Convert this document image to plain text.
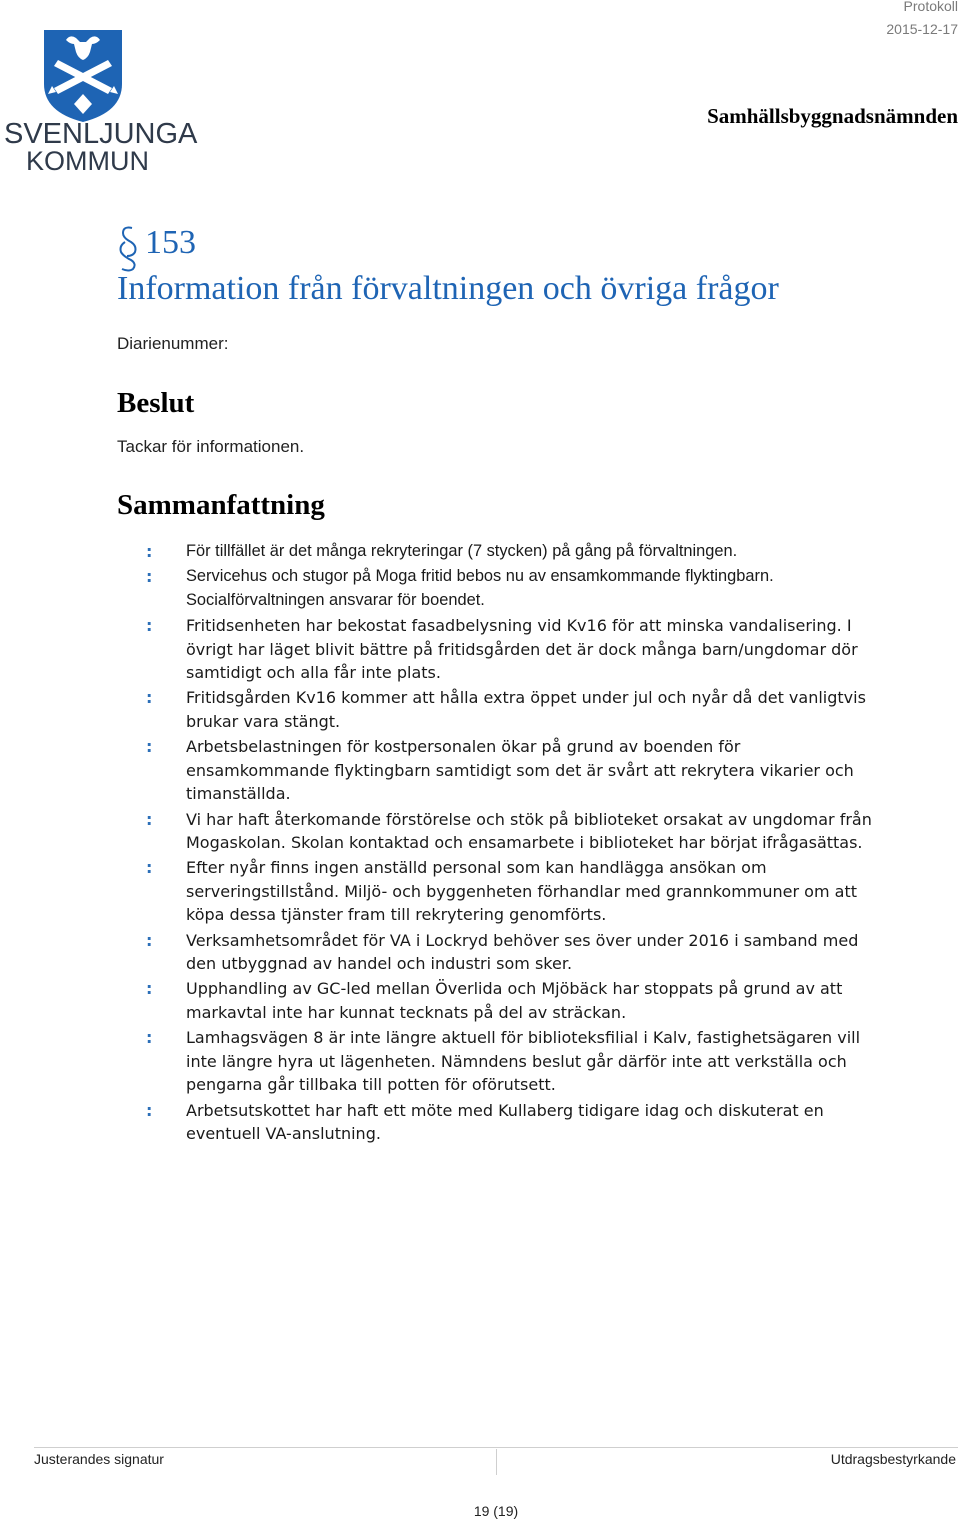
Protokoll
2015-12-17
Samhällsbyggnadsnämnden
SVENLJUNGA
KOMMUN
153
Information från förvaltningen och övriga frågor
Diarienummer:
Beslut
Tackar för informationen.
Sammanfattning
:	För tillfället är det många rekryteringar (7 stycken) på gång på förvaltningen.
:	Servicehus och stugor på Moga fritid bebos nu av ensamkommande flyktingbarn. Socialförvaltningen ansvarar för boendet.
:	Fritidsenheten har bekostat fasadbelysning vid Kv16 för att minska vandalisering. I övrigt har läget blivit bättre på fritidsgården det är dock många barn/ungdomar dör samtidigt och alla får inte plats.
:	Fritidsgården Kv16 kommer att hålla extra öppet under jul och nyår då det vanligtvis brukar vara stängt.
:	Arbetsbelastningen för kostpersonalen ökar på grund av boenden för ensamkommande flyktingbarn samtidigt som det är svårt att rekrytera vikarier och timanställda.
:	Vi har haft återkomande förstörelse och stök på biblioteket orsakat av ungdomar från Mogaskolan. Skolan kontaktad och ensamarbete i biblioteket har börjat ifrågasättas.
:	Efter nyår finns ingen anställd personal som kan handlägga ansökan om serveringstillstånd. Miljö- och byggenheten förhandlar med grannkommuner om att köpa dessa tjänster fram till rekrytering genomförts.
:	Verksamhetsområdet för VA i Lockryd behöver ses över under 2016 i samband med den utbyggnad av handel och industri som sker.
:	Upphandling av GC-led mellan Överlida och Mjöbäck har stoppats på grund av att markavtal inte har kunnat tecknats på del av sträckan.
:	Lamhagsvägen 8 är inte längre aktuell för biblioteksfilial i Kalv, fastighetsägaren vill inte längre hyra ut lägenheten. Nämndens beslut går därför inte att verkställa och pengarna går tillbaka till potten för oförutsett.
:	Arbetsutskottet har haft ett möte med Kullaberg tidigare idag och diskuterat en eventuell VA-anslutning.
Justerandes signatur	Utdragsbestyrkande
19 (19)
